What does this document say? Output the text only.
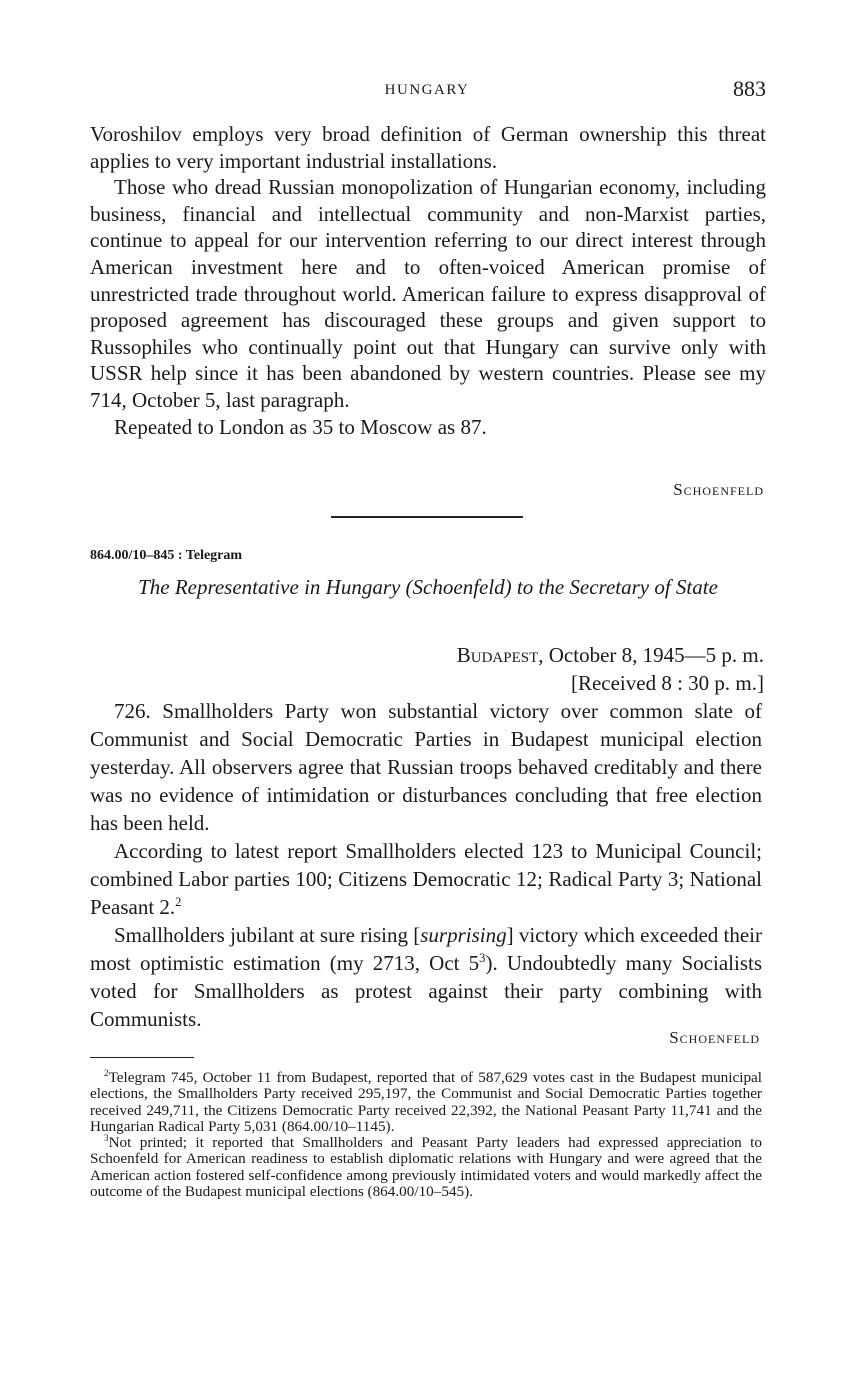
HUNGARY	883

Voroshilov employs very broad definition of German ownership this threat applies to very important industrial installations.

Those who dread Russian monopolization of Hungarian economy, including business, financial and intellectual community and non-Marxist parties, continue to appeal for our intervention referring to our direct interest through American investment here and to often-voiced American promise of unrestricted trade throughout world. American failure to express disapproval of proposed agreement has discouraged these groups and given support to Russophiles who continually point out that Hungary can survive only with USSR help since it has been abandoned by western countries. Please see my 714, October 5, last paragraph.

Repeated to London as 35 to Moscow as 87.

Schoenfeld
864.00/10–845 : Telegram
The Representative in Hungary (Schoenfeld) to the Secretary of State
Budapest, October 8, 1945—5 p. m.
[Received 8 : 30 p. m.]

726. Smallholders Party won substantial victory over common slate of Communist and Social Democratic Parties in Budapest municipal election yesterday. All observers agree that Russian troops behaved creditably and there was no evidence of intimidation or disturbances concluding that free election has been held.

According to latest report Smallholders elected 123 to Municipal Council; combined Labor parties 100; Citizens Democratic 12; Radical Party 3; National Peasant 2.$^2$

Smallholders jubilant at sure rising [surprising] victory which exceeded their most optimistic estimation (my 2713, Oct $5^3$). Undoubtedly many Socialists voted for Smallholders as protest against their party combining with Communists.

Schoenfeld

$^2$Telegram 745, October 11 from Budapest, reported that of 587,629 votes cast in the Budapest municipal elections, the Smallholders Party received 295,197, the Communist and Social Democratic Parties together received 249,711, the Citizens Democratic Party received 22,392, the National Peasant Party 11,741 and the Hungarian Radical Party 5,031 (864.00/10–1145).

$^3$Not printed; it reported that Smallholders and Peasant Party leaders had expressed appreciation to Schoenfeld for American readiness to establish diplomatic relations with Hungary and were agreed that the American action fostered self-confidence among previously intimidated voters and would markedly affect the outcome of the Budapest municipal elections (864.00/10–545).
